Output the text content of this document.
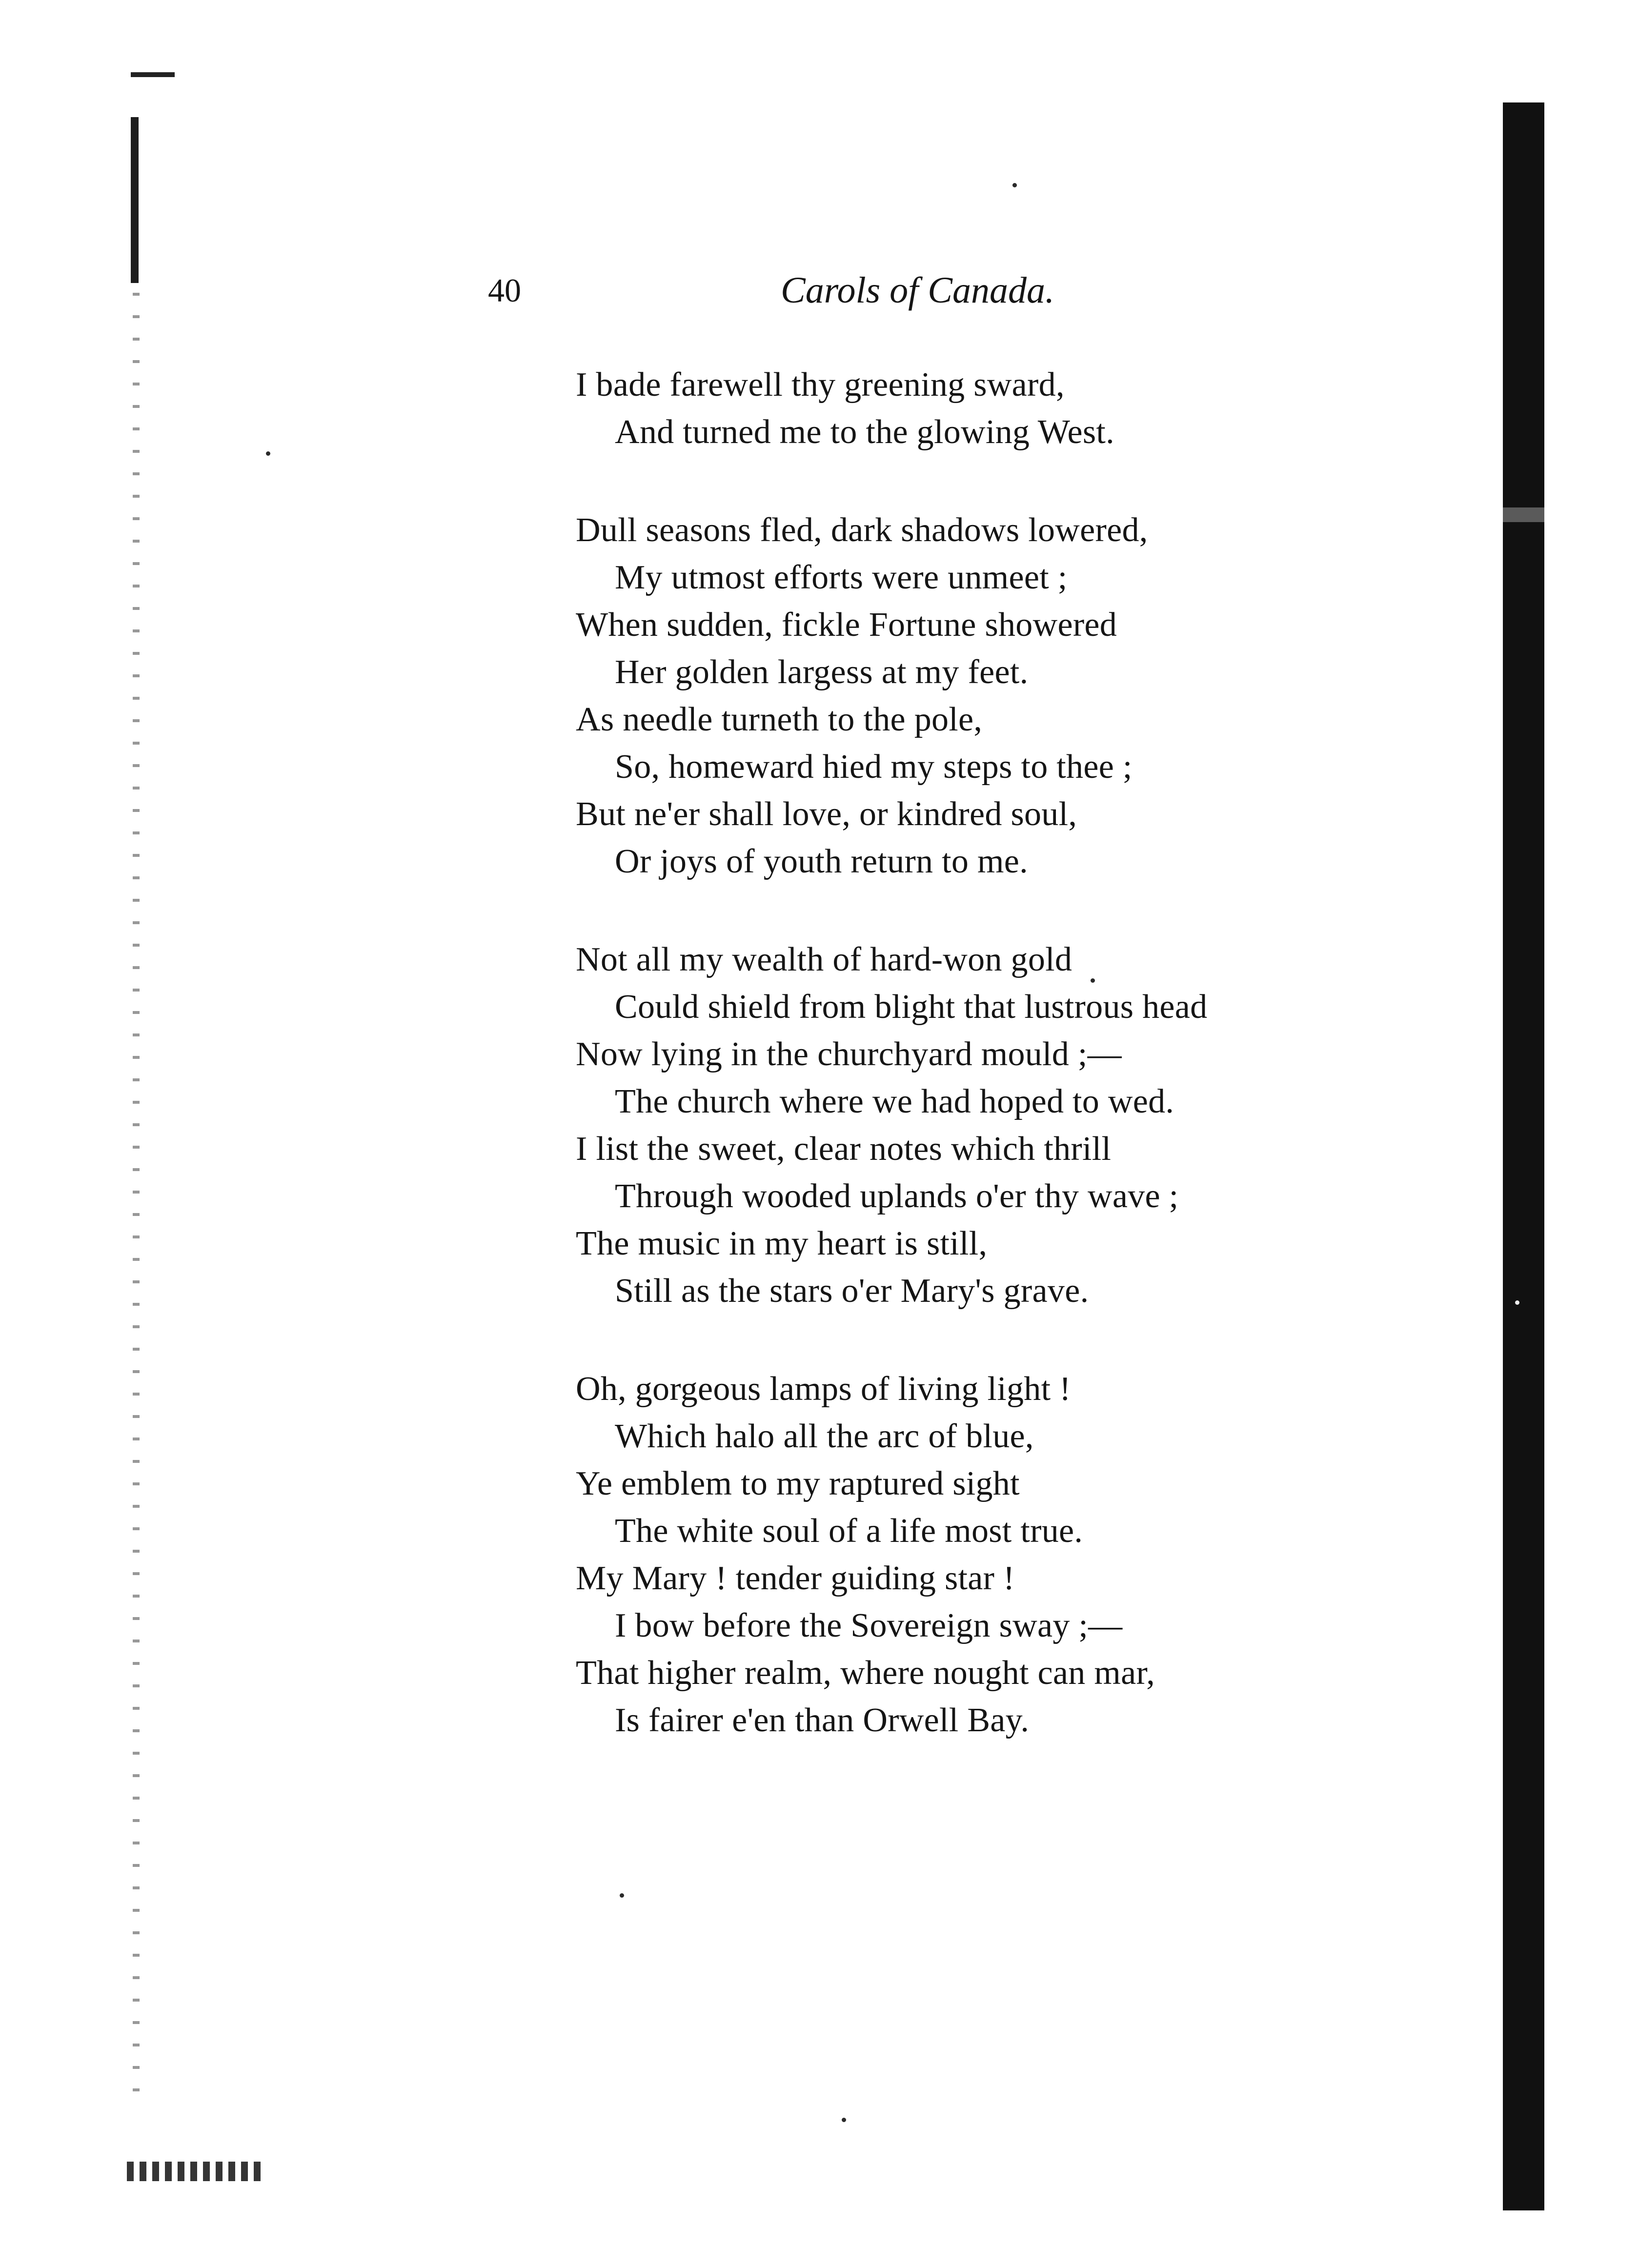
40	Carols of Canada.
I bade farewell thy greening sward,
And turned me to the glowing West.
Dull seasons fled, dark shadows lowered,
My utmost efforts were unmeet ;
When sudden, fickle Fortune showered
Her golden largess at my feet.
As needle turneth to the pole,
So, homeward hied my steps to thee ;
But ne'er shall love, or kindred soul,
Or joys of youth return to me.
Not all my wealth of hard-won gold
Could shield from blight that lustrous head
Now lying in the churchyard mould ;—
The church where we had hoped to wed.
I list the sweet, clear notes which thrill
Through wooded uplands o'er thy wave ;
The music in my heart is still,
Still as the stars o'er Mary's grave.
Oh, gorgeous lamps of living light !
Which halo all the arc of blue,
Ye emblem to my raptured sight
The white soul of a life most true.
My Mary ! tender guiding star !
I bow before the Sovereign sway ;—
That higher realm, where nought can mar,
Is fairer e'en than Orwell Bay.
